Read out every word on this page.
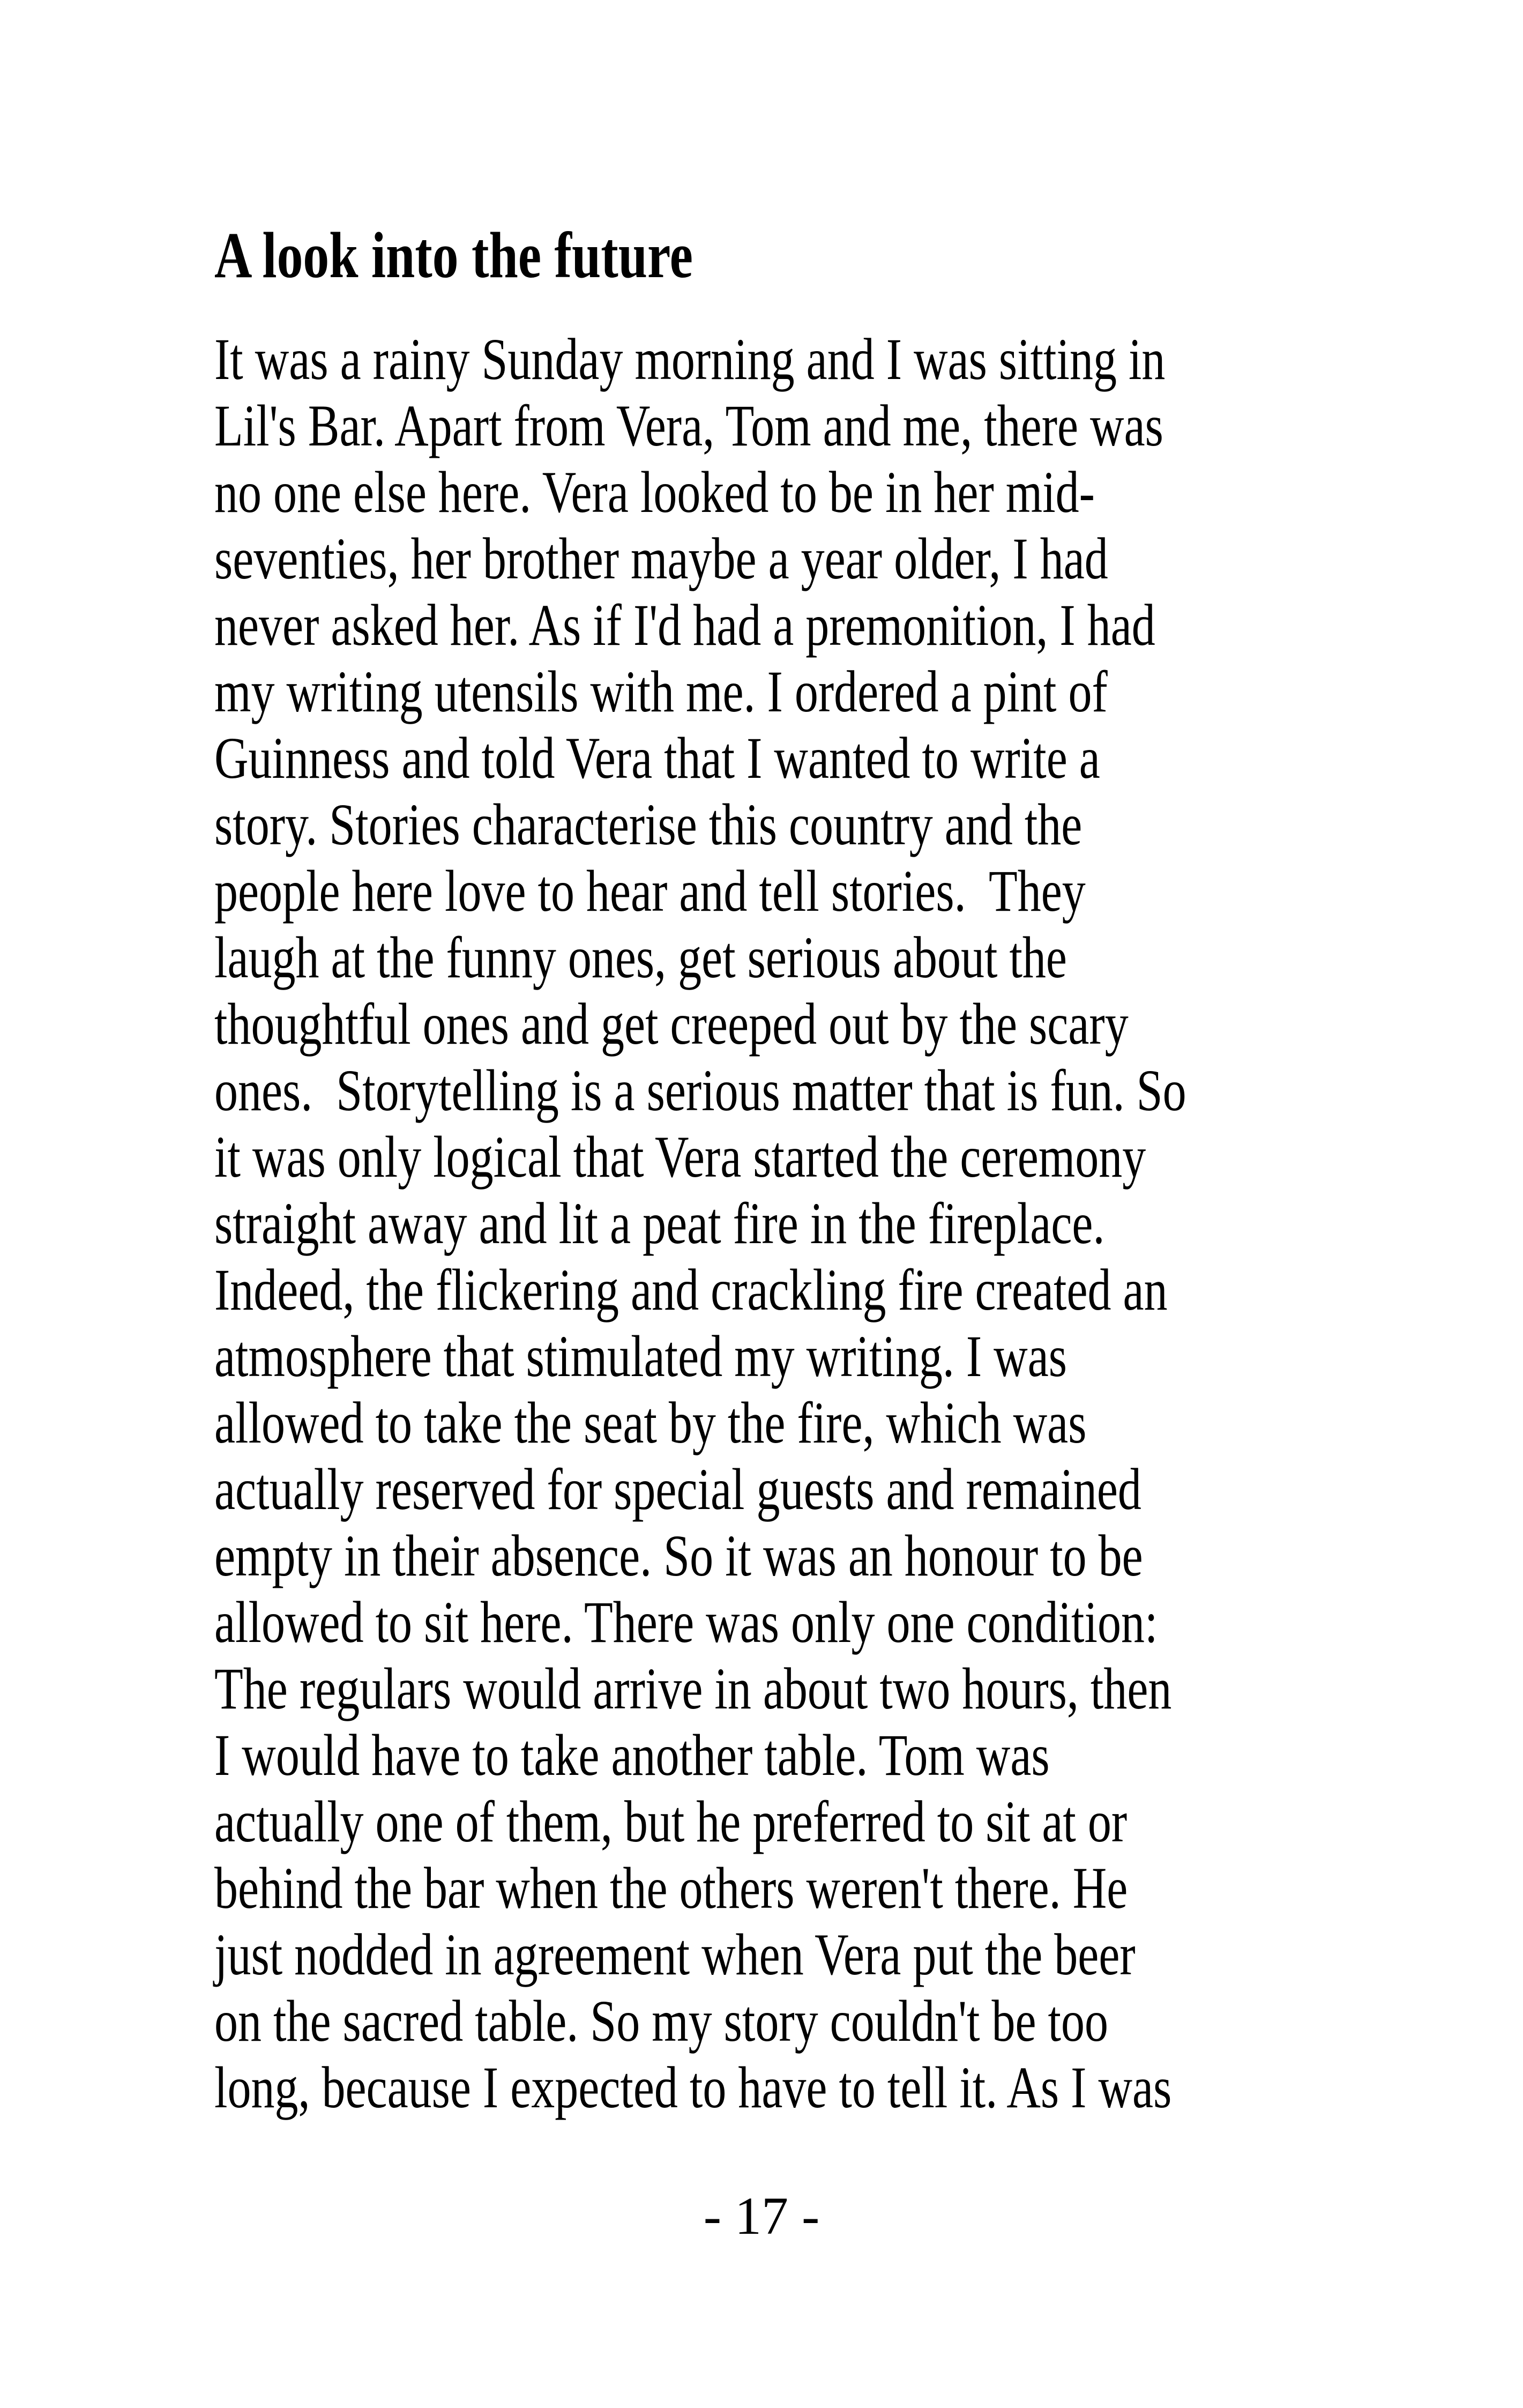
A look into the future
It was a rainy Sunday morning and I was sitting in
Lil's Bar. Apart from Vera, Tom and me, there was
no one else here. Vera looked to be in her mid-
seventies, her brother maybe a year older, I had
never asked her. As if I'd had a premonition, I had
my writing utensils with me. I ordered a pint of
Guinness and told Vera that I wanted to write a
story. Stories characterise this country and the
people here love to hear and tell stories.  They
laugh at the funny ones, get serious about the
thoughtful ones and get creeped out by the scary
ones.  Storytelling is a serious matter that is fun. So
it was only logical that Vera started the ceremony
straight away and lit a peat fire in the fireplace.
Indeed, the flickering and crackling fire created an
atmosphere that stimulated my writing. I was
allowed to take the seat by the fire, which was
actually reserved for special guests and remained
empty in their absence. So it was an honour to be
allowed to sit here. There was only one condition:
The regulars would arrive in about two hours, then
I would have to take another table. Tom was
actually one of them, but he preferred to sit at or
behind the bar when the others weren't there. He
just nodded in agreement when Vera put the beer
on the sacred table. So my story couldn't be too
long, because I expected to have to tell it. As I was
- 17 -
